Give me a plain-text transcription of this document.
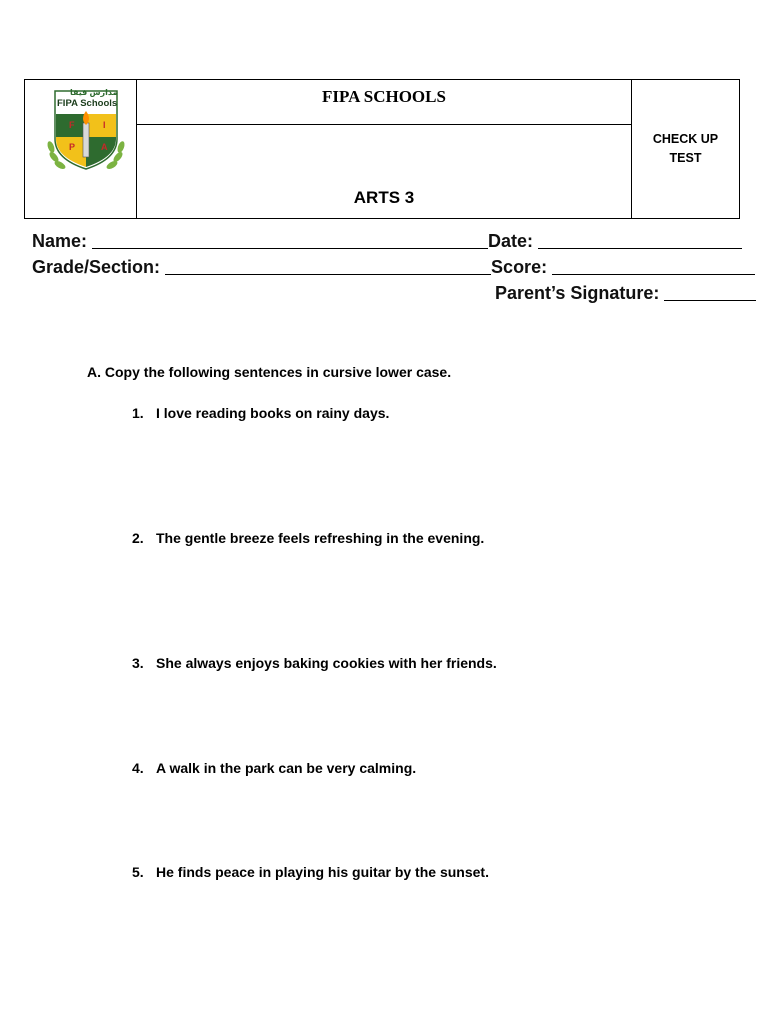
مدارس فيفا
FIPA Schools
F	I
P	A
FIPA SCHOOLS
ARTS 3
CHECK UP
TEST
Name:	Date:
Grade/Section:	Score:
Parent’s Signature:
A. Copy the following sentences in cursive lower case.
1. I love reading books on rainy days.
2. The gentle breeze feels refreshing in the evening.
3. She always enjoys baking cookies with her friends.
4. A walk in the park can be very calming.
5. He finds peace in playing his guitar by the sunset.
